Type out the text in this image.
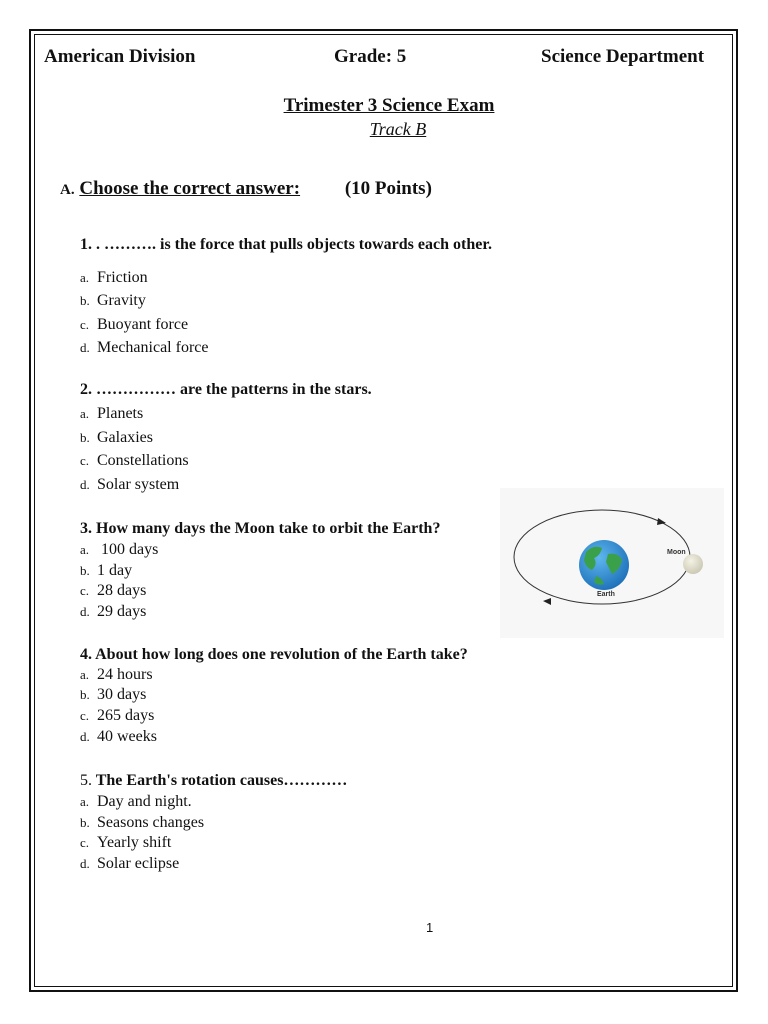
American Division	Grade: 5	Science Department
Trimester 3 Science Exam
Track B
A. Choose the correct answer: (10 Points)
1. . ………. is the force that pulls objects towards each other.
a. Friction
b. Gravity
c. Buoyant force
d. Mechanical force
2. …………… are the patterns in the stars.
a. Planets
b. Galaxies
c. Constellations
d. Solar system
3. How many days the Moon take to orbit the Earth?
a. 100 days
b. 1 day
c. 28 days
d. 29 days
Moon
Earth
4. About how long does one revolution of the Earth take?
a. 24 hours
b. 30 days
c. 265 days
d. 40 weeks
5. The Earth's rotation causes…………
a. Day and night.
b. Seasons changes
c. Yearly shift
d. Solar eclipse
1
